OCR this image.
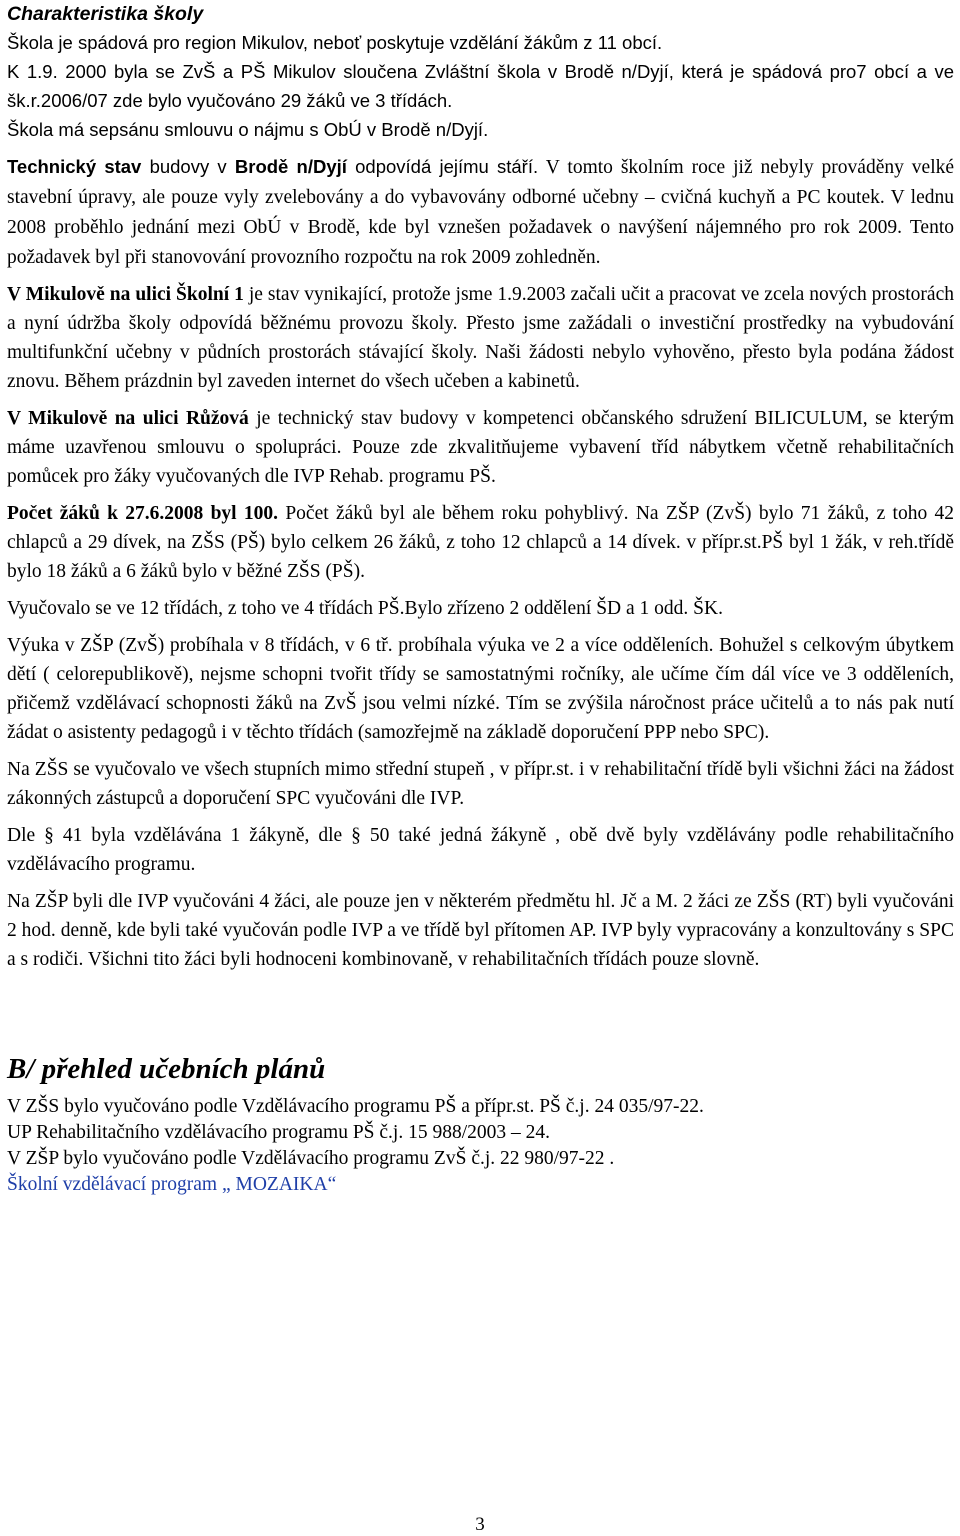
Charakteristika školy

Škola je spádová pro region Mikulov, neboť poskytuje vzdělání žákům z 11 obcí.

K 1.9. 2000 byla se ZvŠ a PŠ Mikulov sloučena Zvláštní škola v Brodě n/Dyjí, která je spádová pro7 obcí a ve šk.r.2006/07 zde bylo vyučováno 29 žáků ve 3 třídách.

Škola má sepsánu smlouvu o nájmu s ObÚ v Brodě n/Dyjí.

Technický stav budovy v Brodě n/Dyjí odpovídá jejímu stáří. V tomto školním roce již nebyly prováděny velké stavební úpravy, ale pouze vyly zvelebovány a do vybavovány odborné učebny – cvičná kuchyň a PC koutek. V lednu 2008 proběhlo jednání mezi ObÚ v Brodě, kde byl vznešen požadavek o navýšení nájemného pro rok 2009. Tento požadavek byl při stanovování provozního rozpočtu na rok 2009 zohledněn.

V Mikulově na ulici Školní 1 je stav vynikající, protože jsme 1.9.2003 začali učit a pracovat ve zcela nových prostorách a nyní údržba školy odpovídá běžnému provozu školy. Přesto jsme zažádali o investiční prostředky na vybudování multifunkční učebny v půdních prostorách stávající školy. Naši žádosti nebylo vyhověno, přesto byla podána žádost znovu. Během prázdnin byl zaveden internet do všech učeben a kabinetů.

V Mikulově na ulici Růžová je technický stav budovy v kompetenci občanského sdružení BILICULUM, se kterým máme uzavřenou smlouvu o spolupráci. Pouze zde zkvalitňujeme vybavení tříd nábytkem včetně rehabilitačních pomůcek pro žáky vyučovaných dle IVP Rehab. programu PŠ.

Počet žáků k 27.6.2008 byl 100. Počet žáků byl ale během roku pohyblivý. Na ZŠP (ZvŠ) bylo 71 žáků, z toho 42 chlapců a 29 dívek, na ZŠS (PŠ) bylo celkem 26 žáků, z toho 12 chlapců a 14 dívek. v přípr.st.PŠ byl 1 žák, v reh.třídě bylo 18 žáků a 6 žáků bylo v běžné ZŠS (PŠ).

Vyučovalo se ve 12 třídách, z toho ve 4 třídách PŠ.Bylo zřízeno 2 oddělení ŠD a 1 odd. ŠK.

Výuka v ZŠP (ZvŠ) probíhala v 8 třídách, v 6 tř. probíhala výuka ve 2 a více odděleních. Bohužel s celkovým úbytkem dětí ( celorepublikově), nejsme schopni tvořit třídy se samostatnými ročníky, ale učíme čím dál více ve 3 odděleních, přičemž vzdělávací schopnosti žáků na ZvŠ jsou velmi nízké. Tím se zvýšila náročnost práce učitelů a to nás pak nutí žádat o asistenty pedagogů i v těchto třídách (samozřejmě na základě doporučení PPP nebo SPC).

Na ZŠS se vyučovalo ve všech stupních mimo střední stupeň , v přípr.st. i v rehabilitační třídě byli všichni žáci na žádost zákonných zástupců a doporučení SPC vyučováni dle IVP.

Dle § 41 byla vzdělávána 1 žákyně, dle § 50 také jedná žákyně , obě dvě byly vzdělávány podle rehabilitačního vzdělávacího programu.

Na ZŠP byli dle IVP vyučováni 4 žáci, ale pouze jen v některém předmětu hl. Jč a M. 2 žáci ze ZŠS (RT) byli vyučováni 2 hod. denně, kde byli také vyučován podle IVP a ve třídě byl přítomen AP. IVP byly vypracovány a konzultovány s SPC a s rodiči. Všichni tito žáci byli hodnoceni kombinovaně, v rehabilitačních třídách pouze slovně.

B/ přehled učebních plánů

V ZŠS bylo vyučováno podle Vzdělávacího programu PŠ a přípr.st. PŠ č.j. 24 035/97-22.

UP Rehabilitačního vzdělávacího programu PŠ č.j. 15 988/2003 – 24.

V ZŠP bylo vyučováno podle Vzdělávacího programu ZvŠ č.j. 22 980/97-22 .

Školní vzdělávací program „ MOZAIKA“

3
